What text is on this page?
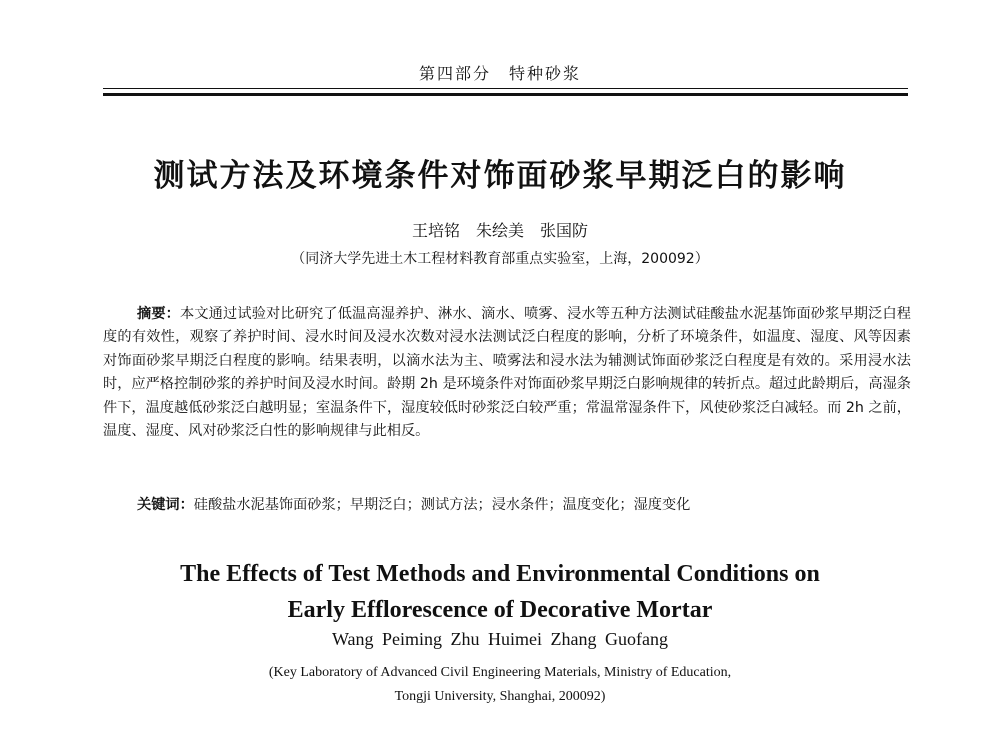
第四部分　特种砂浆
测试方法及环境条件对饰面砂浆早期泛白的影响
王培铭　朱绘美　张国防
（同济大学先进土木工程材料教育部重点实验室，上海，200092）

摘要：本文通过试验对比研究了低温高湿养护、淋水、滴水、喷雾、浸水等五种方法测试硅酸盐水泥基饰面砂浆早期泛白程度的有效性，观察了养护时间、浸水时间及浸水次数对浸水法测试泛白程度的影响，分析了环境条件，如温度、湿度、风等因素对饰面砂浆早期泛白程度的影响。结果表明，以滴水法为主、喷雾法和浸水法为辅测试饰面砂浆泛白程度是有效的。采用浸水法时，应严格控制砂浆的养护时间及浸水时间。龄期 2h 是环境条件对饰面砂浆早期泛白影响规律的转折点。超过此龄期后，高湿条件下，温度越低砂浆泛白越明显；室温条件下，湿度较低时砂浆泛白较严重；常温常湿条件下，风使砂浆泛白减轻。而 2h 之前，温度、湿度、风对砂浆泛白性的影响规律与此相反。

关键词：硅酸盐水泥基饰面砂浆；早期泛白；测试方法；浸水条件；温度变化；湿度变化

The Effects of Test Methods and Environmental Conditions on
Early Efflorescence of Decorative Mortar
Wang Peiming Zhu Huimei Zhang Guofang
(Key Laboratory of Advanced Civil Engineering Materials, Ministry of Education,
Tongji University, Shanghai, 200092)
